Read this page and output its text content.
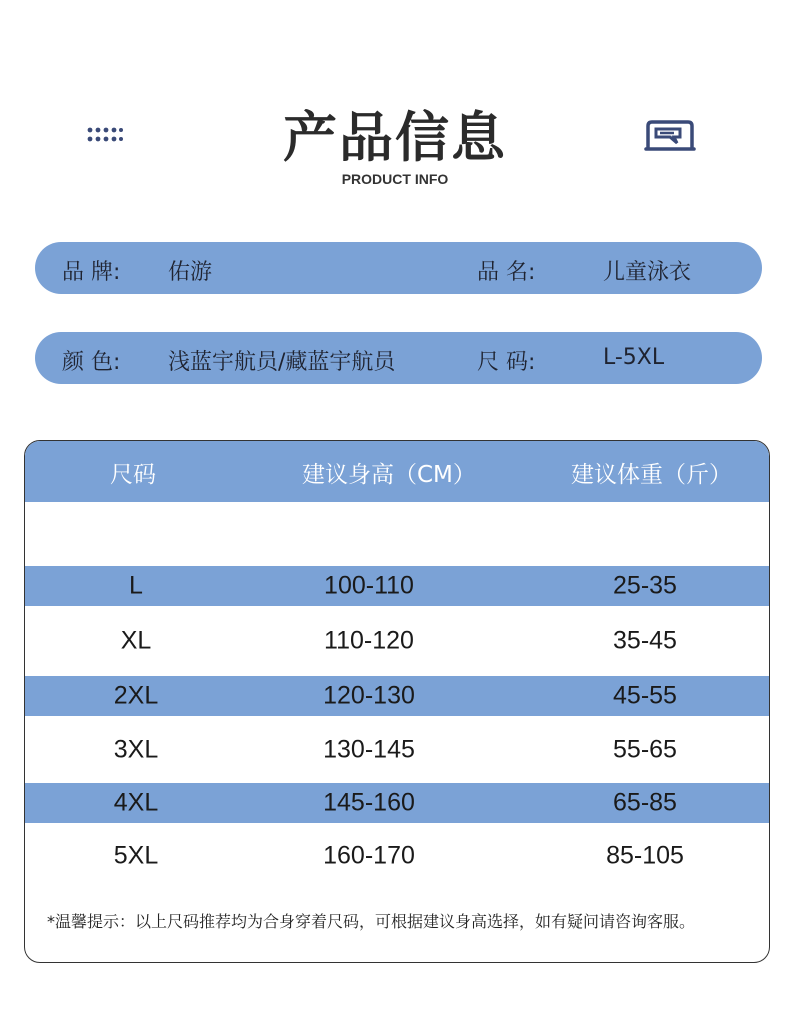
产品信息
PRODUCT INFO
品 牌: 佑游	品 名:	儿童泳衣
颜 色: 浅蓝宇航员/藏蓝宇航员	尺 码:	L-5XL
尺码	建议身高（CM）	建议体重（斤）
L	100-110	25-35
XL	110-120	35-45
2XL	120-130	45-55
3XL	130-145	55-65
4XL	145-160	65-85
5XL	160-170	85-105
*温馨提示：以上尺码推荐均为合身穿着尺码，可根据建议身高选择，如有疑问请咨询客服。
